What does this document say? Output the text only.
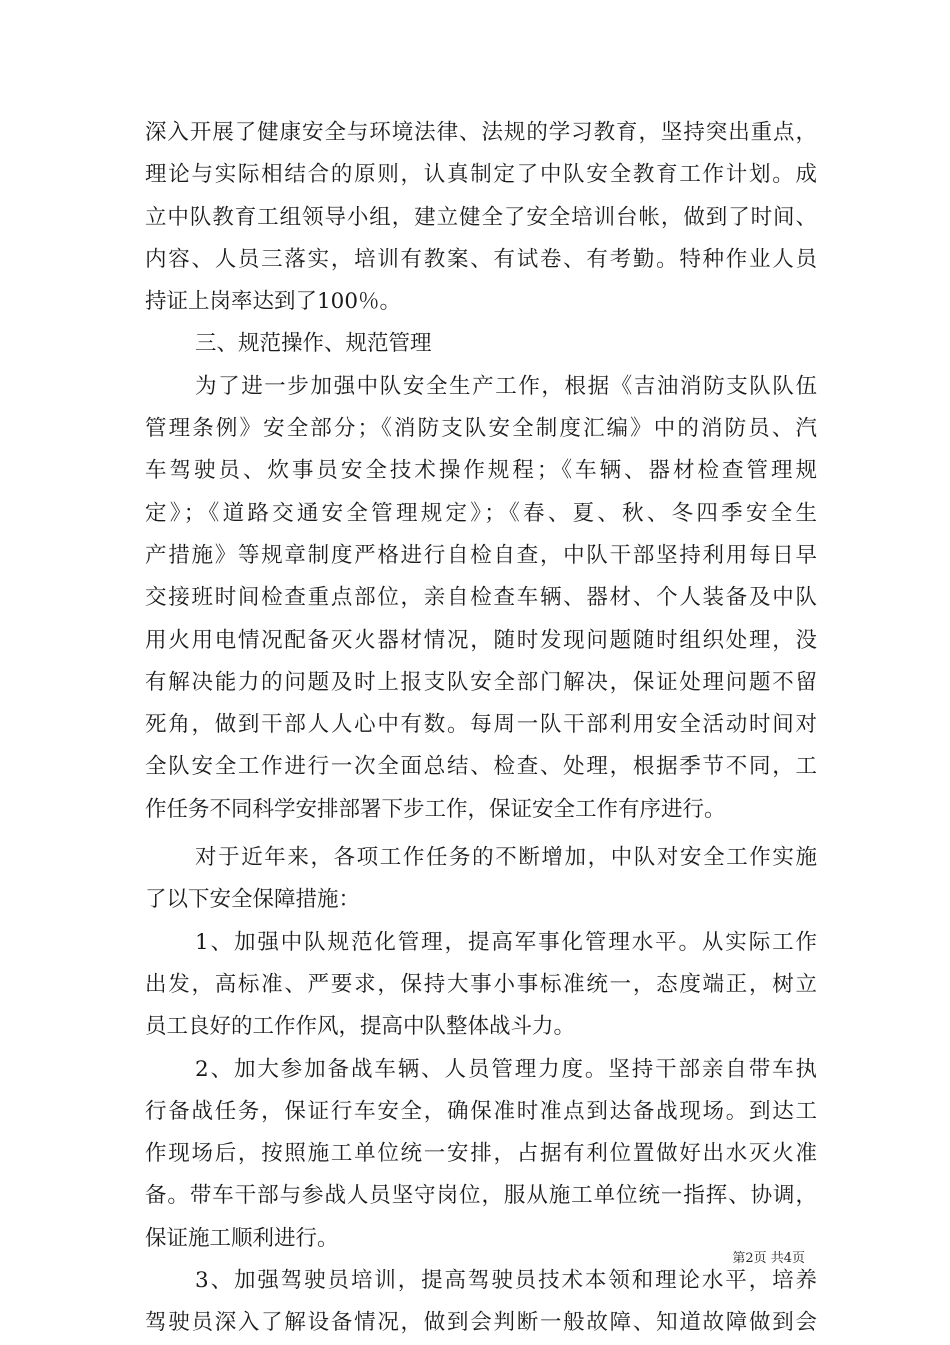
深入开展了健康安全与环境法律、法规的学习教育，坚持突出重点，
理论与实际相结合的原则，认真制定了中队安全教育工作计划。成
立中队教育工组领导小组，建立健全了安全培训台帐，做到了时间、
内容、人员三落实，培训有教案、有试卷、有考勤。特种作业人员
持证上岗率达到了100％。
三、规范操作、规范管理
为了进一步加强中队安全生产工作，根据《吉油消防支队队伍
管理条例》安全部分；《消防支队安全制度汇编》中的消防员、汽
车驾驶员、炊事员安全技术操作规程；《车辆、器材检查管理规
定》；《道路交通安全管理规定》；《春、夏、秋、冬四季安全生
产措施》等规章制度严格进行自检自查，中队干部坚持利用每日早
交接班时间检查重点部位，亲自检查车辆、器材、个人装备及中队
用火用电情况配备灭火器材情况，随时发现问题随时组织处理，没
有解决能力的问题及时上报支队安全部门解决，保证处理问题不留
死角，做到干部人人心中有数。每周一队干部利用安全活动时间对
全队安全工作进行一次全面总结、检查、处理，根据季节不同，工
作任务不同科学安排部署下步工作，保证安全工作有序进行。
对于近年来，各项工作任务的不断增加，中队对安全工作实施
了以下安全保障措施：
1、加强中队规范化管理，提高军事化管理水平。从实际工作
出发，高标准、严要求，保持大事小事标准统一，态度端正，树立
员工良好的工作作风，提高中队整体战斗力。
2、加大参加备战车辆、人员管理力度。坚持干部亲自带车执
行备战任务，保证行车安全，确保准时准点到达备战现场。到达工
作现场后，按照施工单位统一安排，占据有利位置做好出水灭火准
备。带车干部与参战人员坚守岗位，服从施工单位统一指挥、协调，
保证施工顺利进行。
3、加强驾驶员培训，提高驾驶员技术本领和理论水平，培养
驾驶员深入了解设备情况，做到会判断一般故障、知道故障做到会
第2页 共4页
